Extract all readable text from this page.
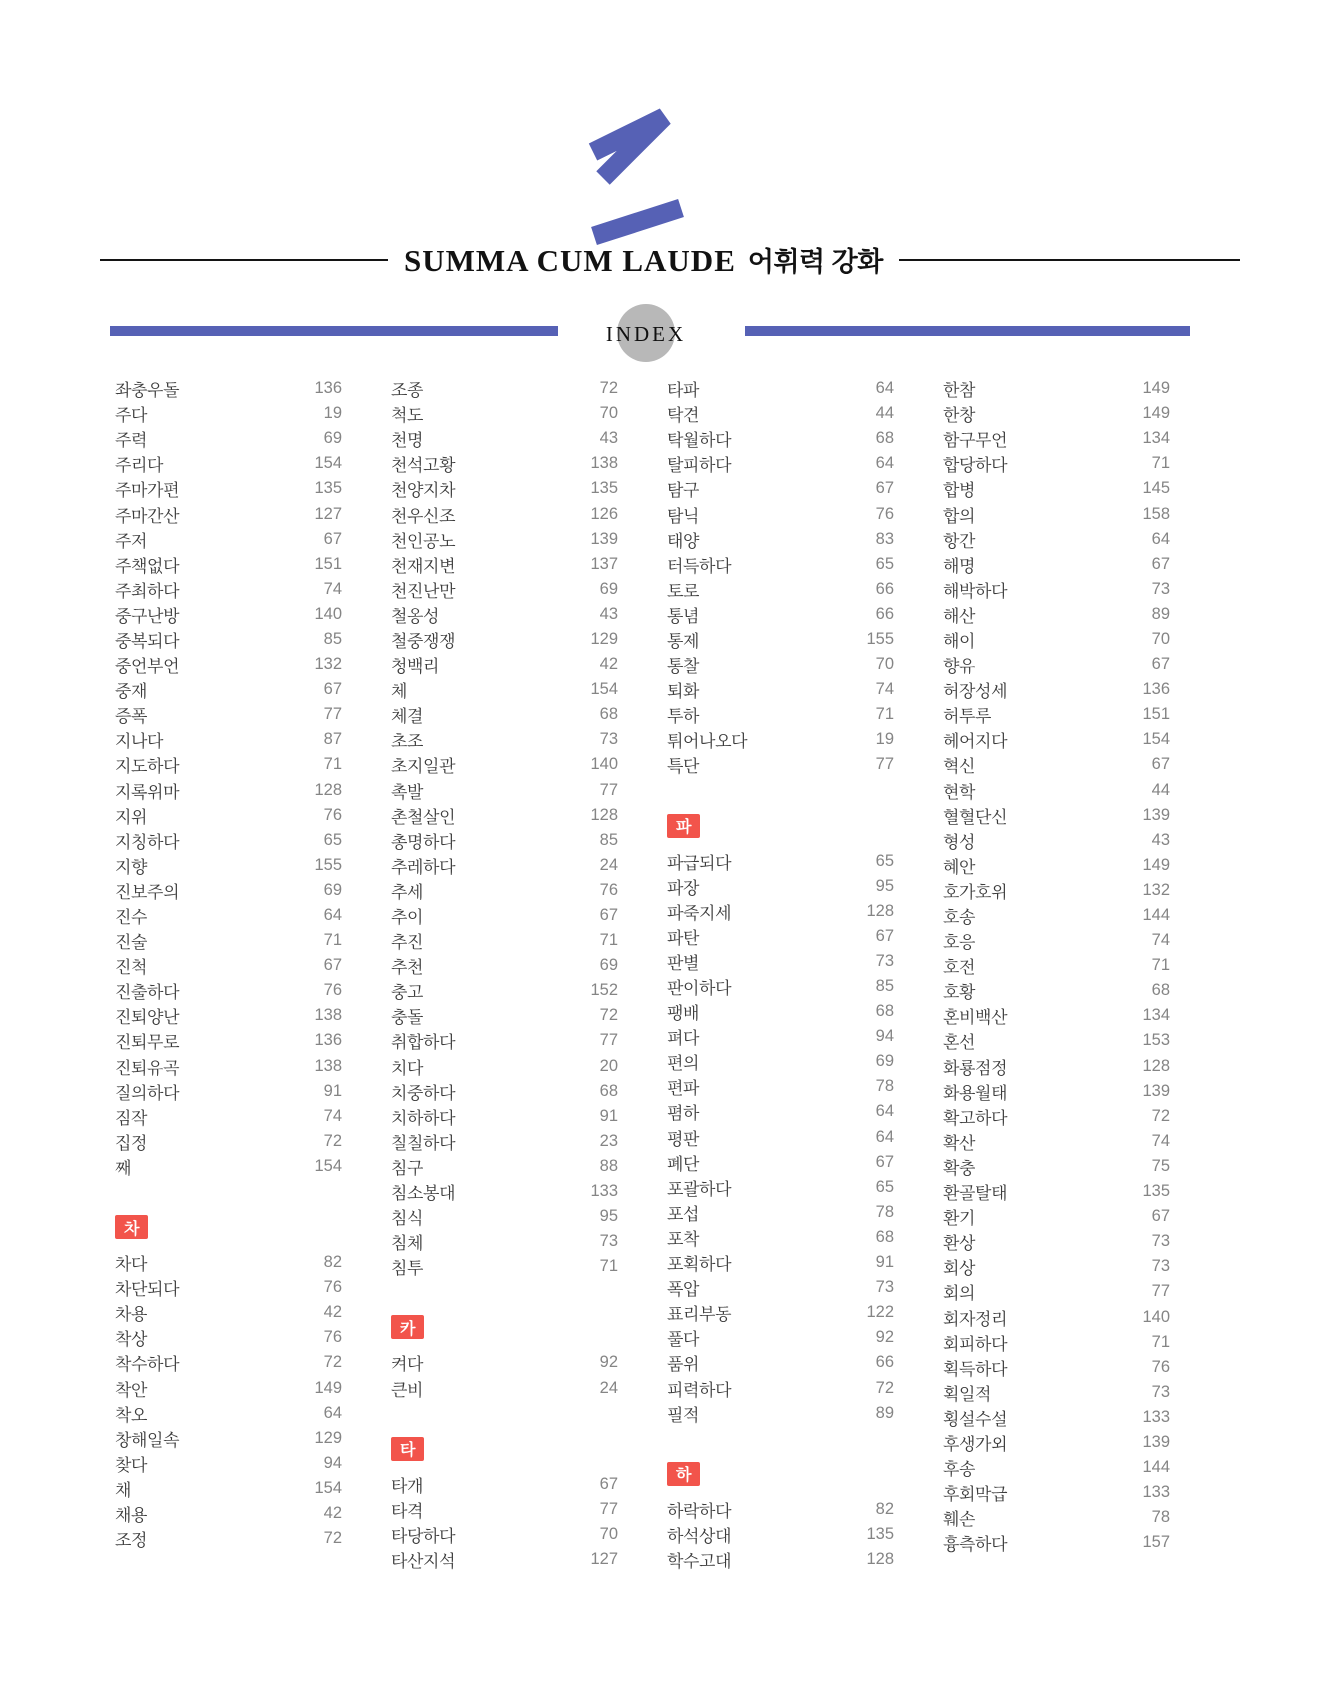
SUMMA CUM LAUDE 어휘력 강화
INDEX
좌충우돌	136
주다	19
주력	69
주리다	154
주마가편	135
주마간산	127
주저	67
주책없다	151
주최하다	74
중구난방	140
중복되다	85
중언부언	132
중재	67
증폭	77
지나다	87
지도하다	71
지록위마	128
지위	76
지칭하다	65
지향	155
진보주의	69
진수	64
진술	71
진척	67
진출하다	76
진퇴양난	138
진퇴무로	136
진퇴유곡	138
질의하다	91
짐작	74
집정	72
째	154
차
차다	82
차단되다	76
차용	42
착상	76
착수하다	72
착안	149
착오	64
창해일속	129
찾다	94
채	154
채용	42
조정	72
조종	72
척도	70
천명	43
천석고황	138
천양지차	135
천우신조	126
천인공노	139
천재지변	137
천진난만	69
철옹성	43
철중쟁쟁	129
청백리	42
체	154
체결	68
초조	73
초지일관	140
촉발	77
촌철살인	128
총명하다	85
추레하다	24
추세	76
추이	67
추진	71
추천	69
충고	152
충돌	72
취합하다	77
치다	20
치중하다	68
치하하다	91
칠칠하다	23
침구	88
침소봉대	133
침식	95
침체	73
침투	71
카
켜다	92
큰비	24
타
타개	67
타격	77
타당하다	70
타산지석	127
타파	64
탁견	44
탁월하다	68
탈피하다	64
탐구	67
탐닉	76
태양	83
터득하다	65
토로	66
통념	66
통제	155
통찰	70
퇴화	74
투하	71
튀어나오다	19
특단	77
파
파급되다	65
파장	95
파죽지세	128
파탄	67
판별	73
판이하다	85
팽배	68
펴다	94
편의	69
편파	78
폄하	64
평판	64
폐단	67
포괄하다	65
포섭	78
포착	68
포획하다	91
폭압	73
표리부동	122
풀다	92
품위	66
피력하다	72
필적	89
하
하락하다	82
하석상대	135
학수고대	128
한참	149
한창	149
함구무언	134
합당하다	71
합병	145
합의	158
항간	64
해명	67
해박하다	73
해산	89
해이	70
향유	67
허장성세	136
허투루	151
헤어지다	154
혁신	67
현학	44
혈혈단신	139
형성	43
혜안	149
호가호위	132
호송	144
호응	74
호전	71
호황	68
혼비백산	134
혼선	153
화룡점정	128
화용월태	139
확고하다	72
확산	74
확충	75
환골탈태	135
환기	67
환상	73
회상	73
회의	77
회자정리	140
회피하다	71
획득하다	76
획일적	73
횡설수설	133
후생가외	139
후송	144
후회막급	133
훼손	78
흉측하다	157
